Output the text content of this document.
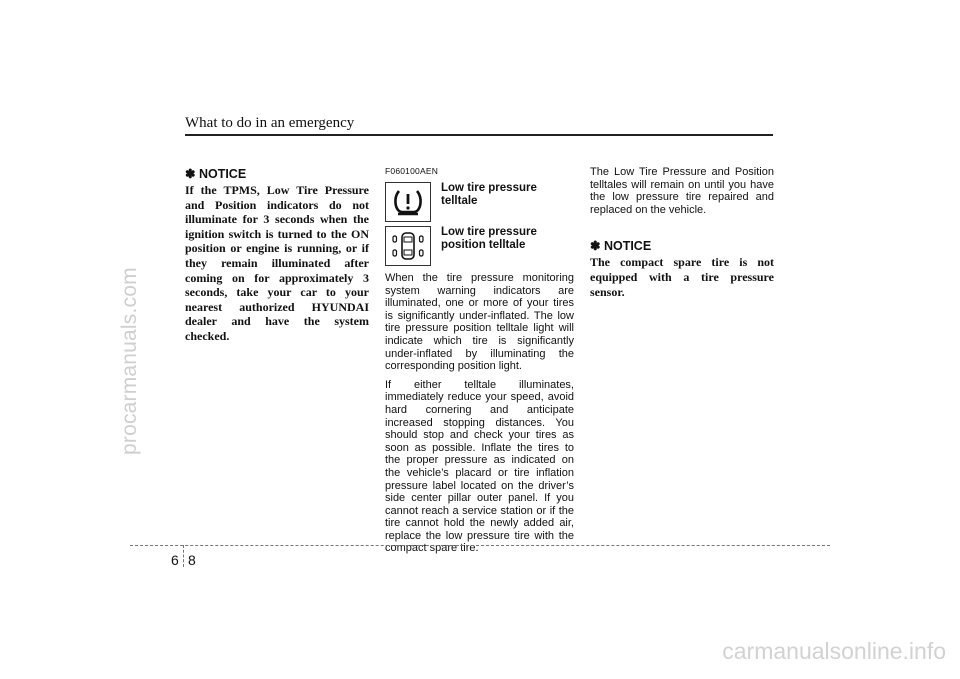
procarmanuals.com
carmanualsonline.info
What to do in an emergency

✽ NOTICE

If the TPMS, Low Tire Pressure and Position indicators do not illuminate for 3 seconds when the ignition switch is turned to the ON position or engine is running, or if they remain illuminated after coming on for approximately 3 seconds, take your car to your nearest authorized HYUNDAI dealer and have the system checked.

F060100AEN

Low tire pressure telltale
Low tire pressure position telltale

When the tire pressure monitoring system warning indicators are illuminated, one or more of your tires is significantly under-inflated. The low tire pressure position telltale light will indicate which tire is significantly under-inflated by illuminating the corresponding position light.

If either telltale illuminates, immediately reduce your speed, avoid hard cornering and anticipate increased stopping distances. You should stop and check your tires as soon as possible. Inflate the tires to the proper pressure as indicated on the vehicle’s placard or tire inflation pressure label located on the driver’s side center pillar outer panel. If you cannot reach a service station or if the tire cannot hold the newly added air, replace the low pressure tire with the compact spare tire.

The Low Tire Pressure and Position telltales will remain on until you have the low pressure tire repaired and replaced on the vehicle.

✽ NOTICE

The compact spare tire is not equipped with a tire pressure sensor.

6 8
